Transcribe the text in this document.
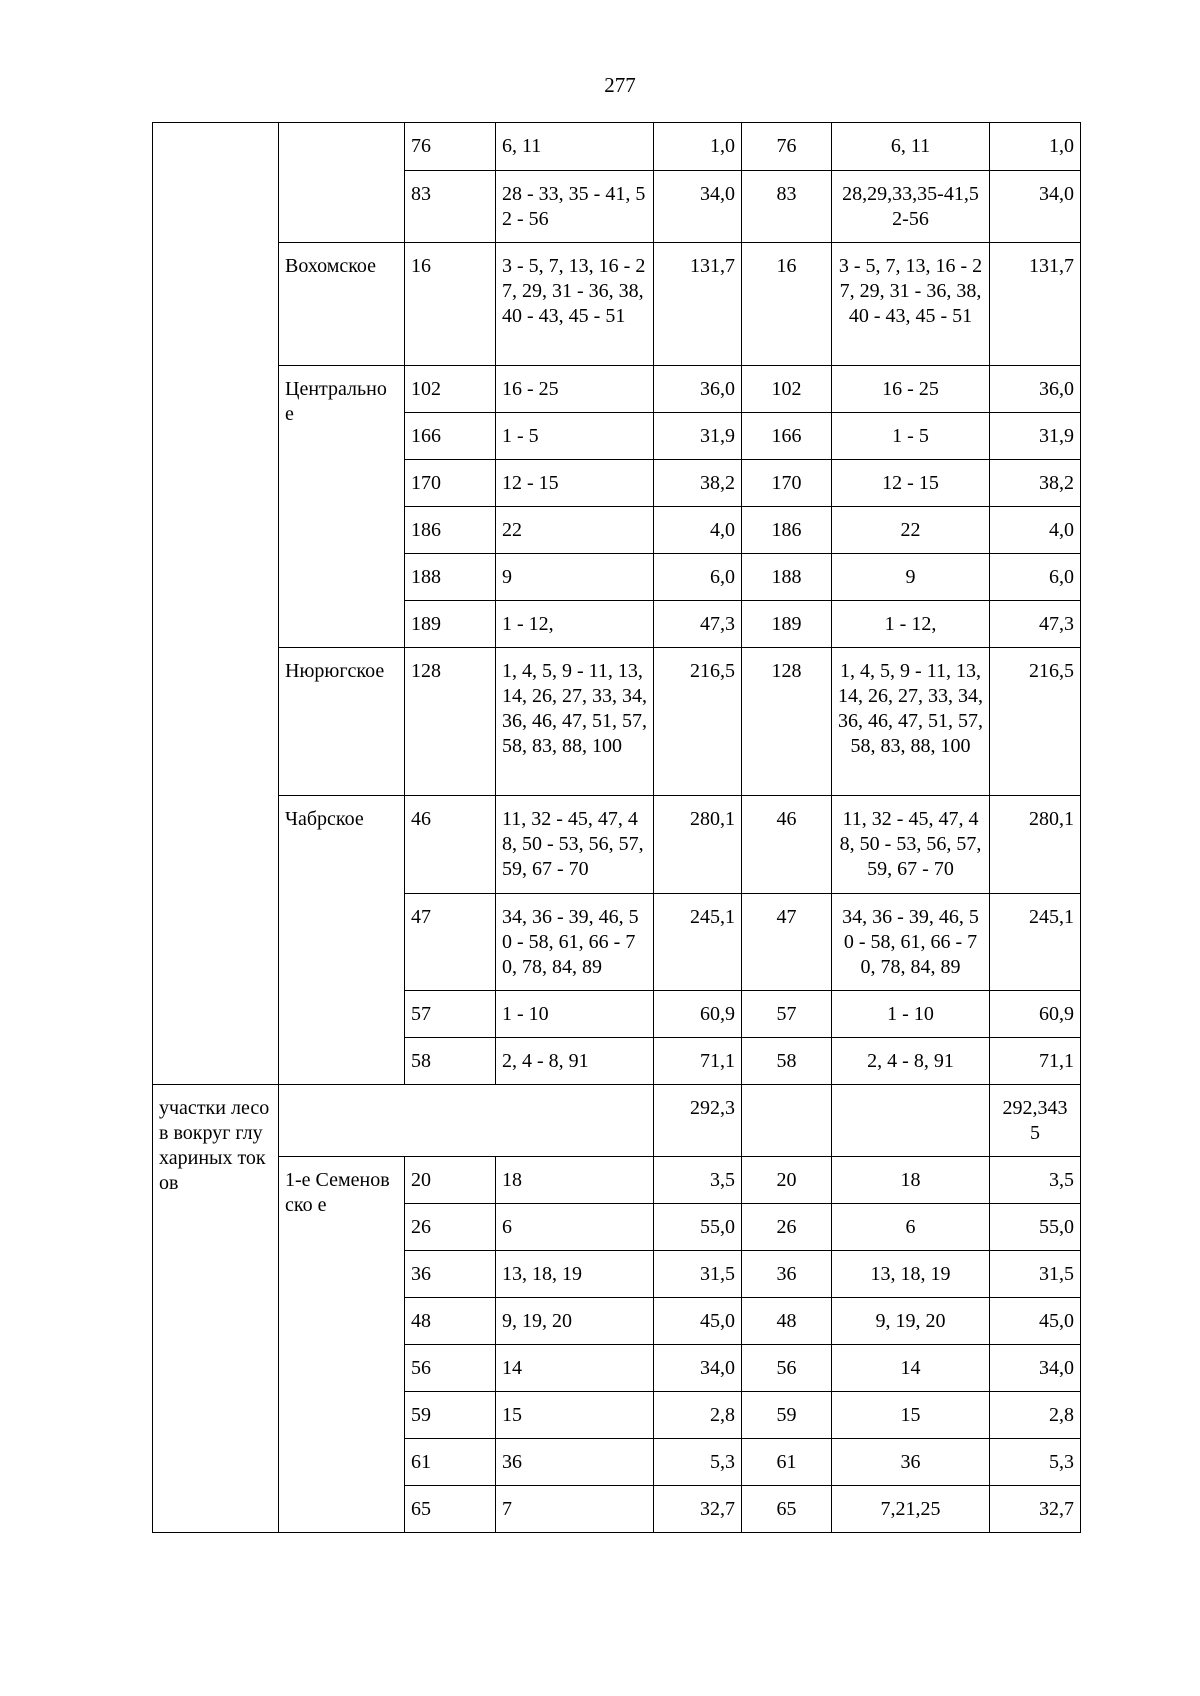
277
		76	6, 11	1,0	76	6, 11	1,0
		83	28 - 33, 35 - 41, 52 - 56	34,0	83	28,29,33,35-41,52-56	34,0
	Вохомское	16	3 - 5, 7, 13, 16 - 27, 29, 31 - 36, 38, 40 - 43, 45 - 51	131,7	16	3 - 5, 7, 13, 16 - 27, 29, 31 - 36, 38, 40 - 43, 45 - 51	131,7
	Центрально е	102	16 - 25	36,0	102	16 - 25	36,0
		166	1 - 5	31,9	166	1 - 5	31,9
		170	12 - 15	38,2	170	12 - 15	38,2
		186	22	4,0	186	22	4,0
		188	9	6,0	188	9	6,0
		189	1 - 12,	47,3	189	1 - 12,	47,3
	Нюрюгское	128	1, 4, 5, 9 - 11, 13, 14, 26, 27, 33, 34, 36, 46, 47, 51, 57, 58, 83, 88, 100	216,5	128	1, 4, 5, 9 - 11, 13, 14, 26, 27, 33, 34, 36, 46, 47, 51, 57, 58, 83, 88, 100	216,5
	Чабрское	46	11, 32 - 45, 47, 48, 50 - 53, 56, 57, 59, 67 - 70	280,1	46	11, 32 - 45, 47, 48, 50 - 53, 56, 57, 59, 67 - 70	280,1
		47	34, 36 - 39, 46, 50 - 58, 61, 66 - 70, 78, 84, 89	245,1	47	34, 36 - 39, 46, 50 - 58, 61, 66 - 70, 78, 84, 89	245,1
		57	1 - 10	60,9	57	1 - 10	60,9
		58	2, 4 - 8, 91	71,1	58	2, 4 - 8, 91	71,1
участки лесов вокруг глухариных токов				292,3			292,343 5
	1-е Семеновско е	20	18	3,5	20	18	3,5
		26	6	55,0	26	6	55,0
		36	13, 18, 19	31,5	36	13, 18, 19	31,5
		48	9, 19, 20	45,0	48	9, 19, 20	45,0
		56	14	34,0	56	14	34,0
		59	15	2,8	59	15	2,8
		61	36	5,3	61	36	5,3
		65	7	32,7	65	7,21,25	32,7
